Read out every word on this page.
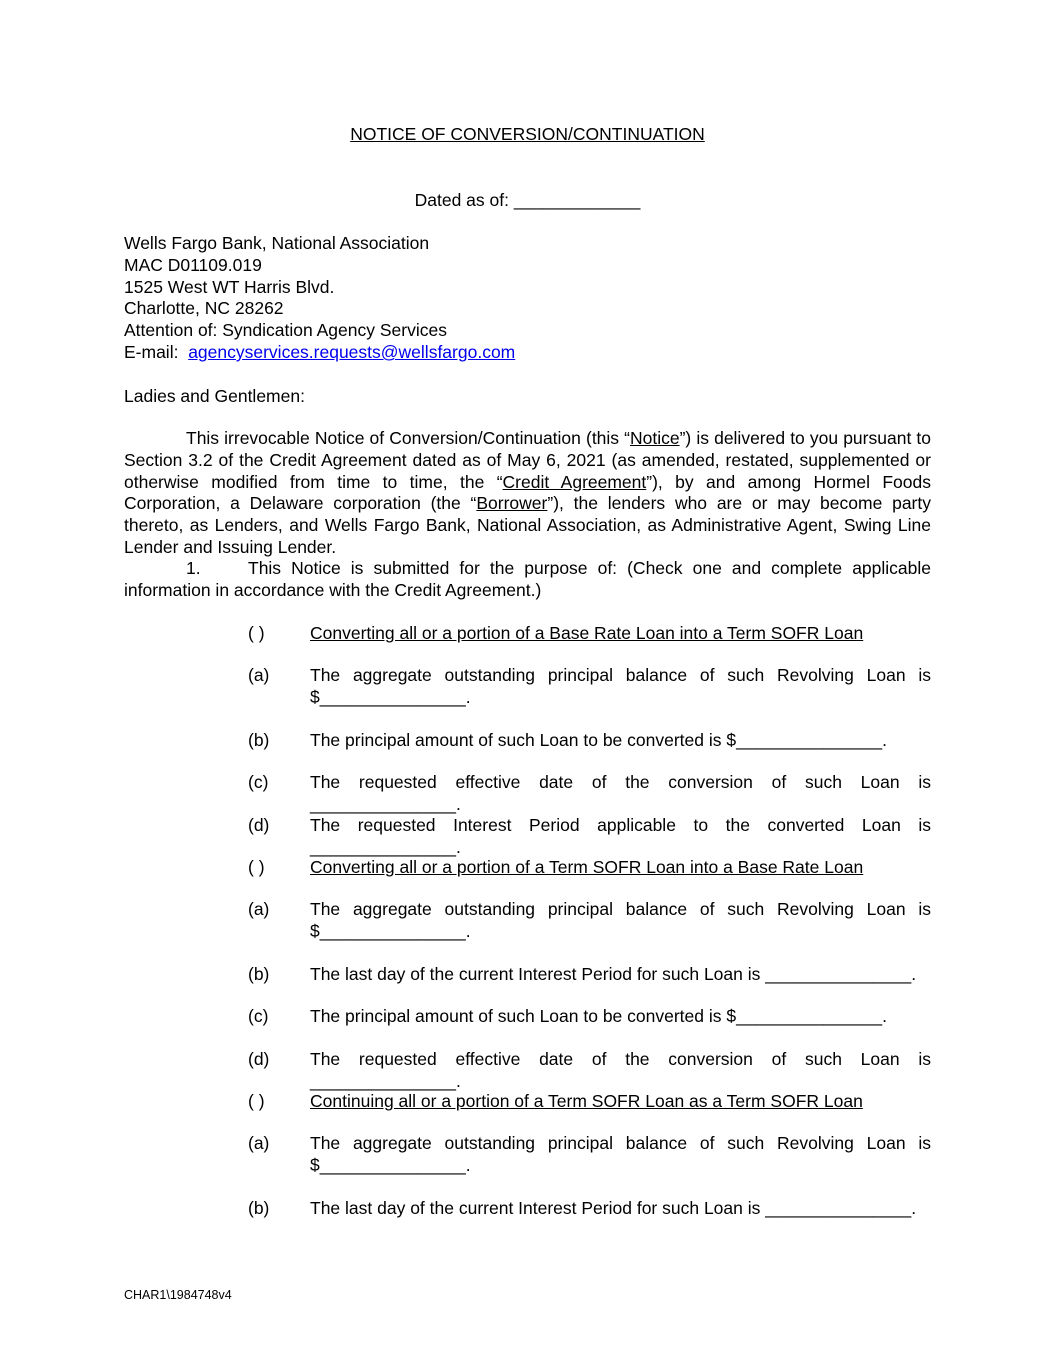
NOTICE OF CONVERSION/CONTINUATION
Dated as of: _____________
Wells Fargo Bank, National Association
MAC D01109.019
1525 West WT Harris Blvd.
Charlotte, NC 28262
Attention of: Syndication Agency Services
E-mail: agencyservices.requests@wellsfargo.com
Ladies and Gentlemen:
This irrevocable Notice of Conversion/Continuation (this “Notice”) is delivered to you pursuant to Section 3.2 of the Credit Agreement dated as of May 6, 2021 (as amended, restated, supplemented or otherwise modified from time to time, the “Credit Agreement”), by and among Hormel Foods Corporation, a Delaware corporation (the “Borrower”), the lenders who are or may become party thereto, as Lenders, and Wells Fargo Bank, National Association, as Administrative Agent, Swing Line Lender and Issuing Lender.
1.	This Notice is submitted for the purpose of: (Check one and complete applicable information in accordance with the Credit Agreement.)
( )	Converting all or a portion of a Base Rate Loan into a Term SOFR Loan
(a)	The aggregate outstanding principal balance of such Revolving Loan is $_______________.
(b)	The principal amount of such Loan to be converted is $_______________.
(c)	The requested effective date of the conversion of such Loan is _______________.
(d)	The requested Interest Period applicable to the converted Loan is _______________.
( )	Converting all or a portion of a Term SOFR Loan into a Base Rate Loan
(a)	The aggregate outstanding principal balance of such Revolving Loan is $_______________.
(b)	The last day of the current Interest Period for such Loan is _______________.
(c)	The principal amount of such Loan to be converted is $_______________.
(d)	The requested effective date of the conversion of such Loan is _______________.
( )	Continuing all or a portion of a Term SOFR Loan as a Term SOFR Loan
(a)	The aggregate outstanding principal balance of such Revolving Loan is $_______________.
(b)	The last day of the current Interest Period for such Loan is _______________.
CHAR1\1984748v4
